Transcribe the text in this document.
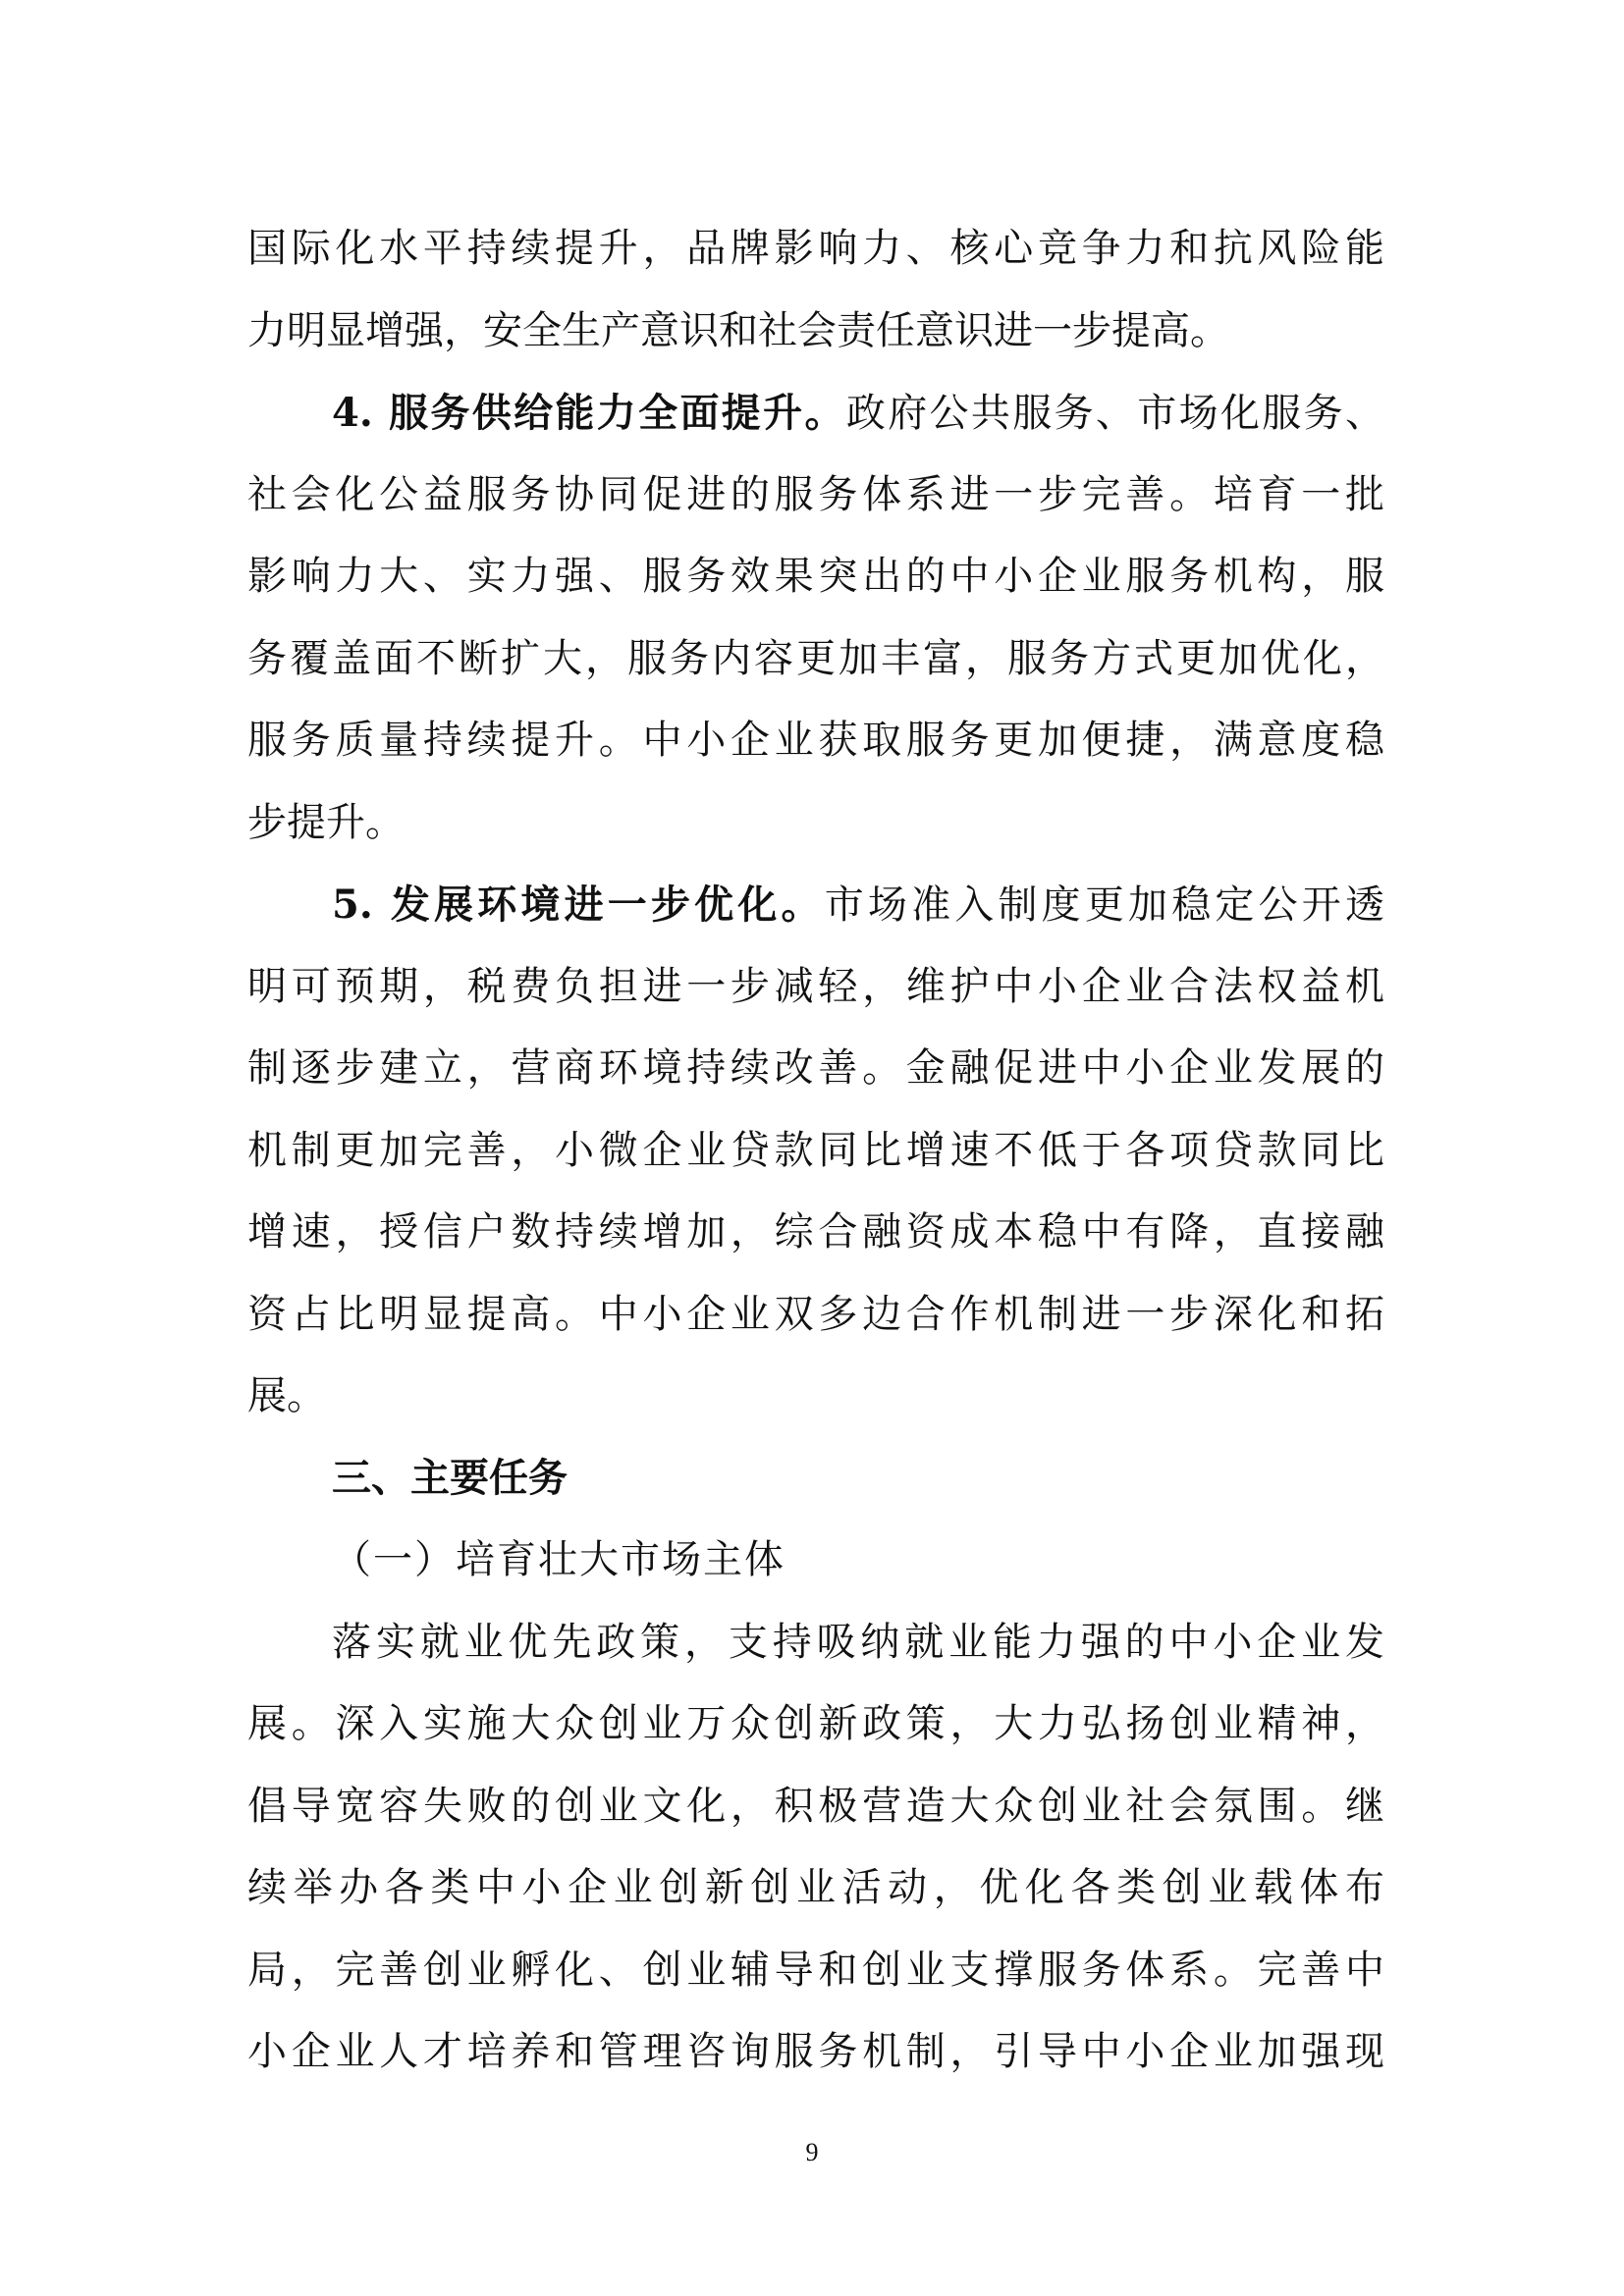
国际化水平持续提升，品牌影响力、核心竞争力和抗风险能
力明显增强，安全生产意识和社会责任意识进一步提高。
4. 服务供给能力全面提升。政府公共服务、市场化服务、
社会化公益服务协同促进的服务体系进一步完善。培育一批
影响力大、实力强、服务效果突出的中小企业服务机构，服
务覆盖面不断扩大，服务内容更加丰富，服务方式更加优化，
服务质量持续提升。中小企业获取服务更加便捷，满意度稳
步提升。
5. 发展环境进一步优化。市场准入制度更加稳定公开透
明可预期，税费负担进一步减轻，维护中小企业合法权益机
制逐步建立，营商环境持续改善。金融促进中小企业发展的
机制更加完善，小微企业贷款同比增速不低于各项贷款同比
增速，授信户数持续增加，综合融资成本稳中有降，直接融
资占比明显提高。中小企业双多边合作机制进一步深化和拓
展。
三、主要任务
（一）培育壮大市场主体
落实就业优先政策，支持吸纳就业能力强的中小企业发
展。深入实施大众创业万众创新政策，大力弘扬创业精神，
倡导宽容失败的创业文化，积极营造大众创业社会氛围。继
续举办各类中小企业创新创业活动，优化各类创业载体布
局，完善创业孵化、创业辅导和创业支撑服务体系。完善中
小企业人才培养和管理咨询服务机制，引导中小企业加强现
9
